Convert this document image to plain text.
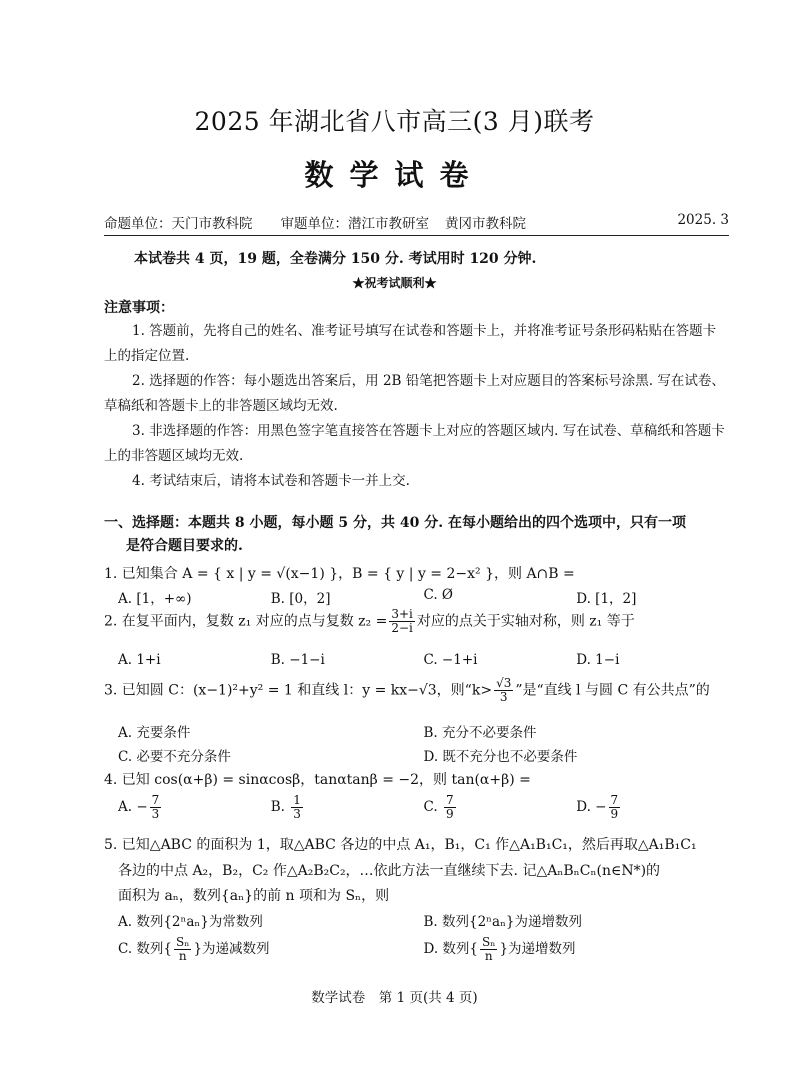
2025 年湖北省八市高三(3 月)联考
数学试卷
命题单位：天门市教科院 审题单位：潜江市教研室 黄冈市教科院	2025. 3
本试卷共 4 页，19 题，全卷满分 150 分. 考试用时 120 分钟.
★祝考试顺利★
注意事项：

1. 答题前，先将自己的姓名、准考证号填写在试卷和答题卡上，并将准考证号条形码粘贴在答题卡上的指定位置.

2. 选择题的作答：每小题选出答案后，用 2B 铅笔把答题卡上对应题目的答案标号涂黑. 写在试卷、草稿纸和答题卡上的非答题区域均无效.

3. 非选择题的作答：用黑色签字笔直接答在答题卡上对应的答题区域内. 写在试卷、草稿纸和答题卡上的非答题区域均无效.

4. 考试结束后，请将本试卷和答题卡一并上交.

一、选择题：本题共 8 小题，每小题 5 分，共 40 分. 在每小题给出的四个选项中，只有一项
是符合题目要求的.
1. 已知集合 A = { x | y = √(x−1) }，B = { y | y = 2−x² }，则 A∩B =
A. [1，+∞)	B. [0，2]	C. Ø	D. [1，2]
2. 在复平面内，复数 z₁ 对应的点与复数 $z_2 = \frac{3+i}{2-i}$ 对应的点关于实轴对称，则 z₁ 等于
A. 1+i	B. −1−i	C. −1+i	D. 1−i
3. 已知圆 C：(x−1)²+y² = 1 和直线 l：y = kx−√3，则“$k> \frac{√3}{3}$ ”是“直线 l 与圆 C 有公共点”的
A. 充要条件	B. 充分不必要条件
C. 必要不充分条件	D. 既不充分也不必要条件
4. 已知 cos(α+β) = sinαcosβ，tanαtanβ = −2，则 tan(α+β) =
A. − $\frac{7}{3}$	B. $\frac{1}{3}$	C. $\frac{7}{9}$	D. − $\frac{7}{9}$
5. 已知△ABC 的面积为 1，取△ABC 各边的中点 A₁，B₁，C₁ 作△A₁B₁C₁，然后再取△A₁B₁C₁
各边的中点 A₂，B₂，C₂ 作△A₂B₂C₂，…依此方法一直继续下去. 记△AₙBₙCₙ(n∈N*)的
面积为 aₙ，数列{aₙ}的前 n 项和为 Sₙ，则
A. 数列{2ⁿaₙ}为常数列	B. 数列{2ⁿaₙ}为递增数列
C. 数列{ $\frac{\text{Sₙ}}{n}$ }为递减数列	D. 数列{ $\frac{\text{Sₙ}}{n}$ }为递增数列
数学试卷　第 1 页(共 4 页)
